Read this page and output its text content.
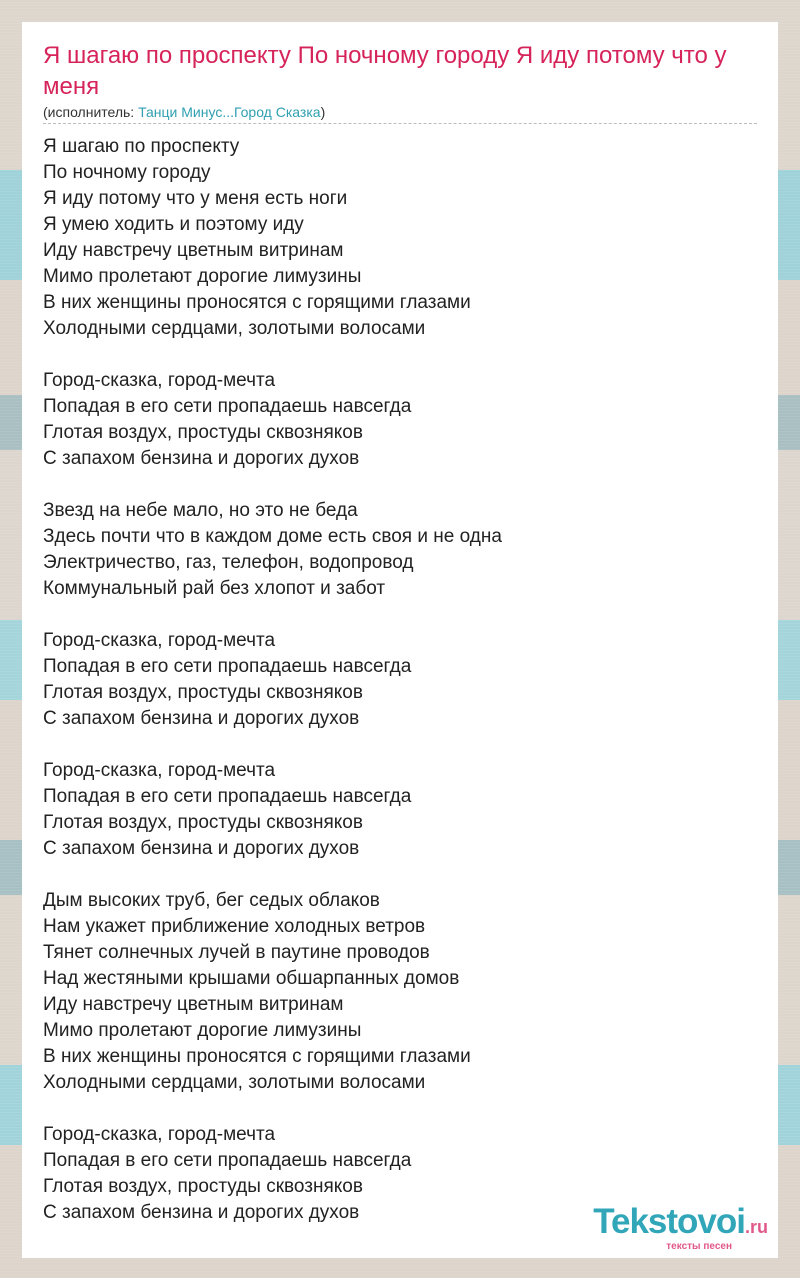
Я шагаю по проспекту По ночному городу Я иду потому что у меня
(исполнитель: Танци Минус...Город Сказка)
Я шагаю по проспекту
По ночному городу
Я иду потому что у меня есть ноги
Я умею ходить и поэтому иду
Иду навстречу цветным витринам
Мимо пролетают дорогие лимузины
В них женщины проносятся с горящими глазами
Холодными сердцами, золотыми волосами
Город-сказка, город-мечта
Попадая в его сети пропадаешь навсегда
Глотая воздух, простуды сквозняков
С запахом бензина и дорогих духов
Звезд на небе мало, но это не беда
Здесь почти что в каждом доме есть своя и не одна
Электричество, газ, телефон, водопровод
Коммунальный рай без хлопот и забот
Город-сказка, город-мечта
Попадая в его сети пропадаешь навсегда
Глотая воздух, простуды сквозняков
С запахом бензина и дорогих духов
Город-сказка, город-мечта
Попадая в его сети пропадаешь навсегда
Глотая воздух, простуды сквозняков
С запахом бензина и дорогих духов
Дым высоких труб, бег седых облаков
Нам укажет приближение холодных ветров
Тянет солнечных лучей в паутине проводов
Над жестяными крышами обшарпанных домов
Иду навстречу цветным витринам
Мимо пролетают дорогие лимузины
В них женщины проносятся с горящими глазами
Холодными сердцами, золотыми волосами
Город-сказка, город-мечта
Попадая в его сети пропадаешь навсегда
Глотая воздух, простуды сквозняков
С запахом бензина и дорогих духов	Tekstovoi.ru
тексты песен
